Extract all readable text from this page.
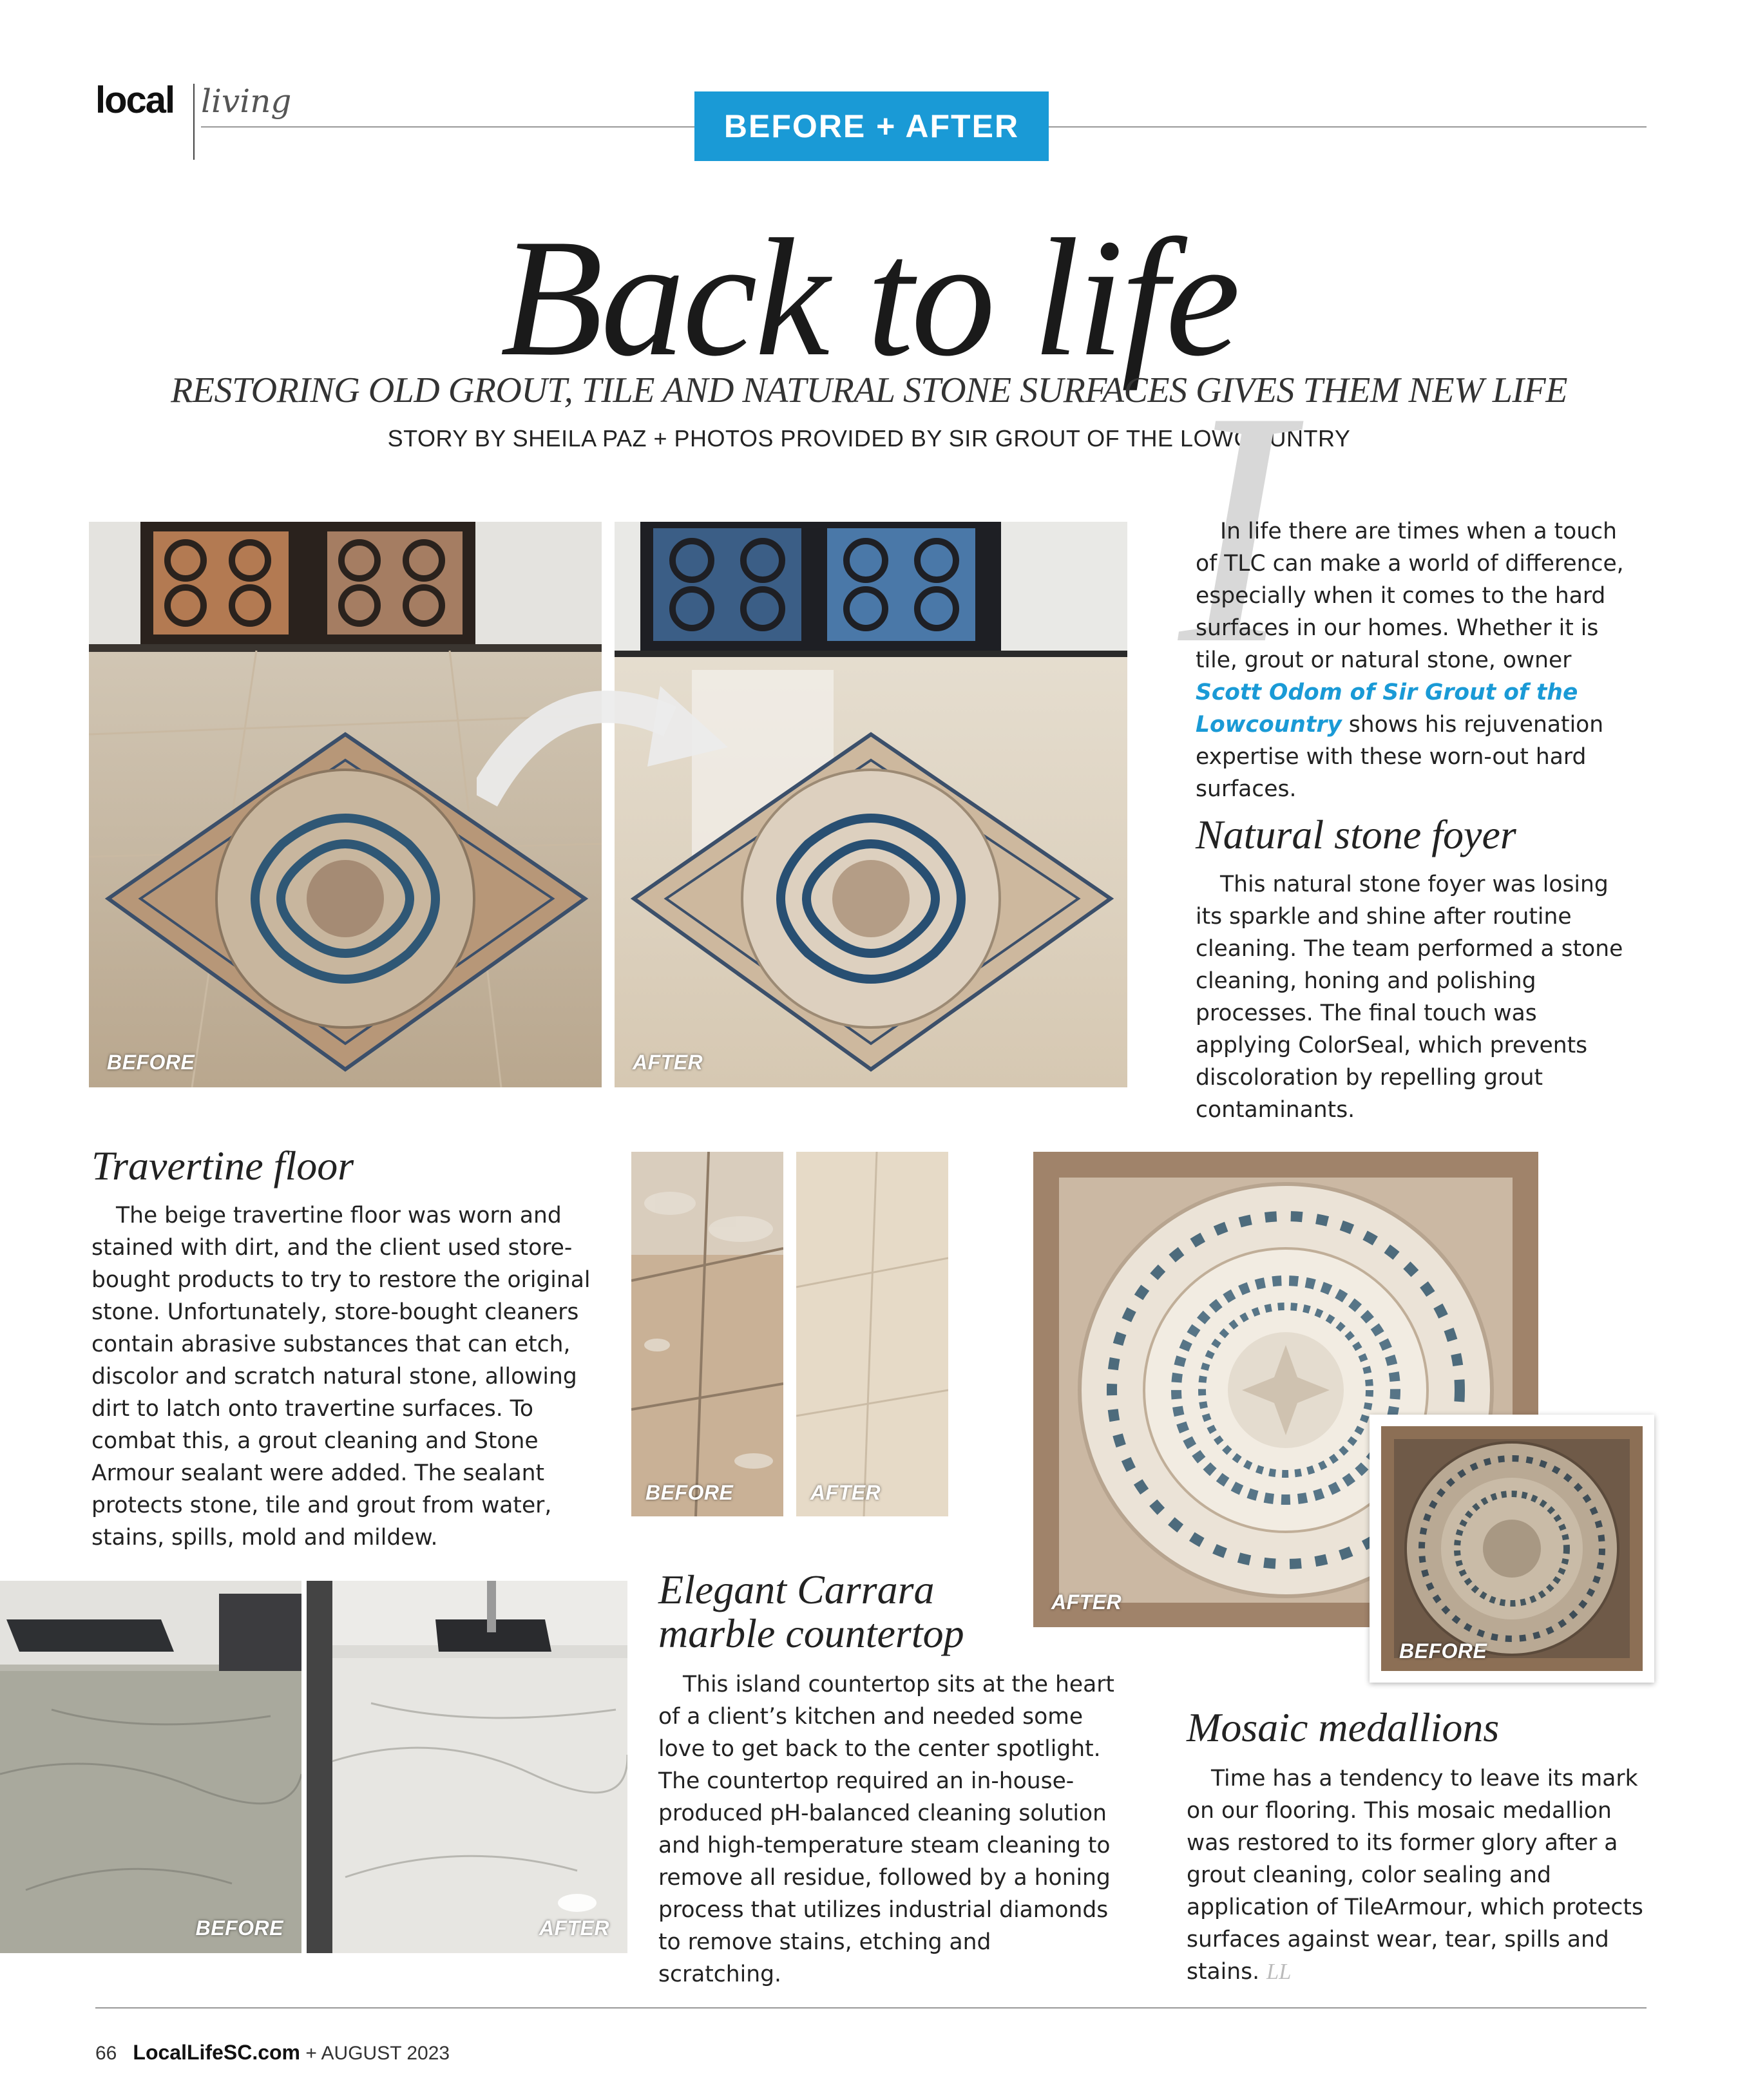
local living
BEFORE + AFTER
Back to life
RESTORING OLD GROUT, TILE AND NATURAL STONE SURFACES GIVES THEM NEW LIFE
STORY BY SHEILA PAZ + PHOTOS PROVIDED BY SIR GROUT OF THE LOWCOUNTRY
BEFORE	AFTER
I

In life there are times when a touch of TLC can make a world of difference, especially when it comes to the hard surfaces in our homes. Whether it is tile, grout or natural stone, owner Scott Odom of Sir Grout of the Lowcountry shows his rejuvenation expertise with these worn-out hard surfaces.

Natural stone foyer

This natural stone foyer was losing its sparkle and shine after routine cleaning. The team performed a stone cleaning, honing and polishing processes. The final touch was applying ColorSeal, which prevents discoloration by repelling grout contaminants.

Travertine floor

The beige travertine floor was worn and stained with dirt, and the client used store-bought products to try to restore the original stone. Unfortunately, store-bought cleaners contain abrasive substances that can etch, discolor and scratch natural stone, allowing dirt to latch onto travertine surfaces. To combat this, a grout cleaning and Stone Armour sealant were added. The sealant protects stone, tile and grout from water, stains, spills, mold and mildew.

BEFORE	AFTER
AFTER
BEFORE
BEFORE	AFTER
Elegant Carrara
marble countertop

This island countertop sits at the heart of a client’s kitchen and needed some love to get back to the center spotlight. The countertop required an in-house-produced pH-balanced cleaning solution and high-temperature steam cleaning to remove all residue, followed by a honing process that utilizes industrial diamonds to remove stains, etching and scratching.

Mosaic medallions

Time has a tendency to leave its mark on our flooring. This mosaic medallion was restored to its former glory after a grout cleaning, color sealing and application of TileArmour, which protects surfaces against wear, tear, spills and stains. LL

66 LocalLifeSC.com + AUGUST 2023
